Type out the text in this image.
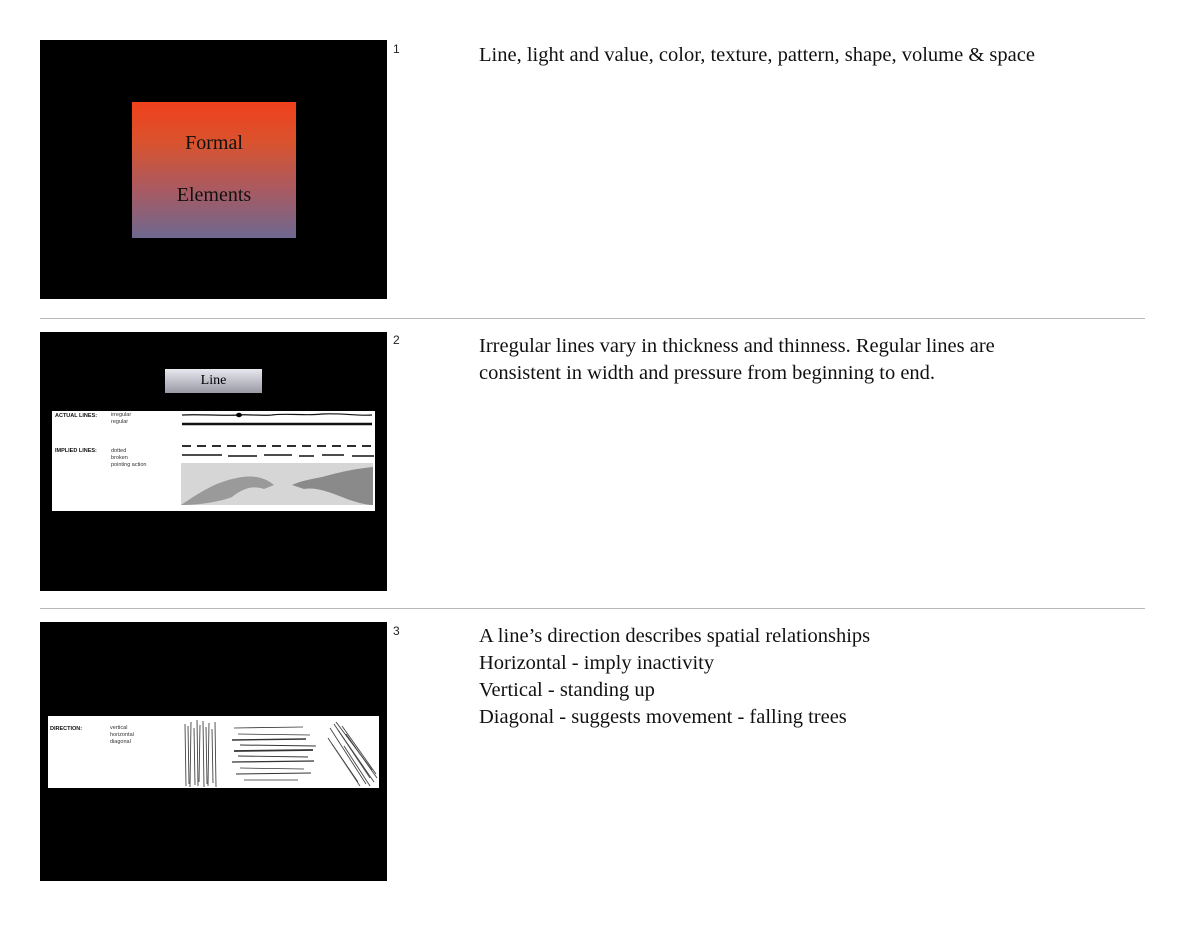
Formal
Elements
1	Line, light and value, color, texture, pattern, shape, volume & space
Line
ACTUAL LINES:	irregular
regular
IMPLIED LINES:	dotted
broken
pointing action
2	Irregular lines vary in thickness and thinness. Regular lines are
consistent in width and pressure from beginning to end.
DIRECTION:	vertical
horizontal
diagonal
3	A line’s direction describes spatial relationships
Horizontal - imply inactivity
Vertical - standing up
Diagonal - suggests movement - falling trees
